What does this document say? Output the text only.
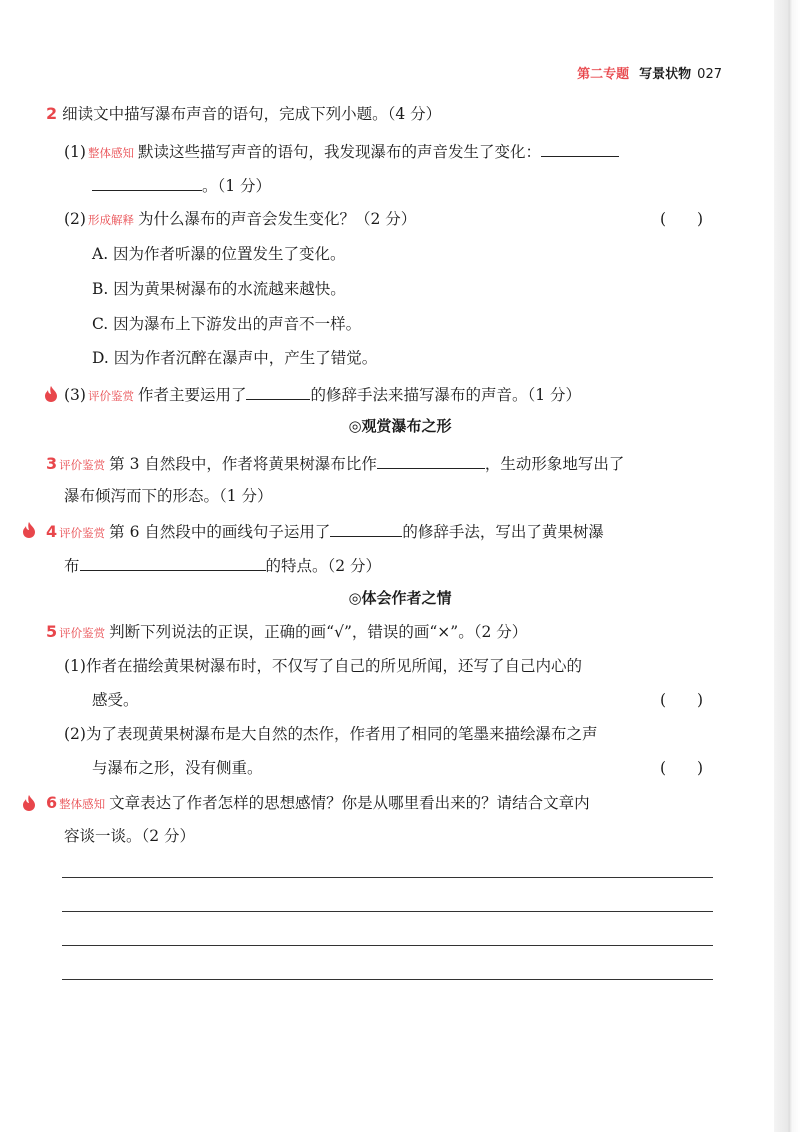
第二专题 写景状物 027
2 细读文中描写瀑布声音的语句，完成下列小题。（4 分）
(1) 整体感知 默读这些描写声音的语句，我发现瀑布的声音发生了变化：
。（1 分）
(2) 形成解释 为什么瀑布的声音会发生变化？（2 分）	(　　)
A. 因为作者听瀑的位置发生了变化。
B. 因为黄果树瀑布的水流越来越快。
C. 因为瀑布上下游发出的声音不一样。
D. 因为作者沉醉在瀑声中，产生了错觉。
(3) 评价鉴赏 作者主要运用了	的修辞手法来描写瀑布的声音。（1 分）
◎观赏瀑布之形
3 评价鉴赏 第 3 自然段中，作者将黄果树瀑布比作	，生动形象地写出了
瀑布倾泻而下的形态。（1 分）
4 评价鉴赏 第 6 自然段中的画线句子运用了	的修辞手法，写出了黄果树瀑
布	的特点。（2 分）
◎体会作者之情
5 评价鉴赏 判断下列说法的正误，正确的画“√”，错误的画“×”。（2 分）
(1)作者在描绘黄果树瀑布时，不仅写了自己的所见所闻，还写了自己内心的
感受。	(　　)
(2)为了表现黄果树瀑布是大自然的杰作，作者用了相同的笔墨来描绘瀑布之声
与瀑布之形，没有侧重。	(　　)
6 整体感知 文章表达了作者怎样的思想感情？你是从哪里看出来的？请结合文章内
容谈一谈。（2 分）
